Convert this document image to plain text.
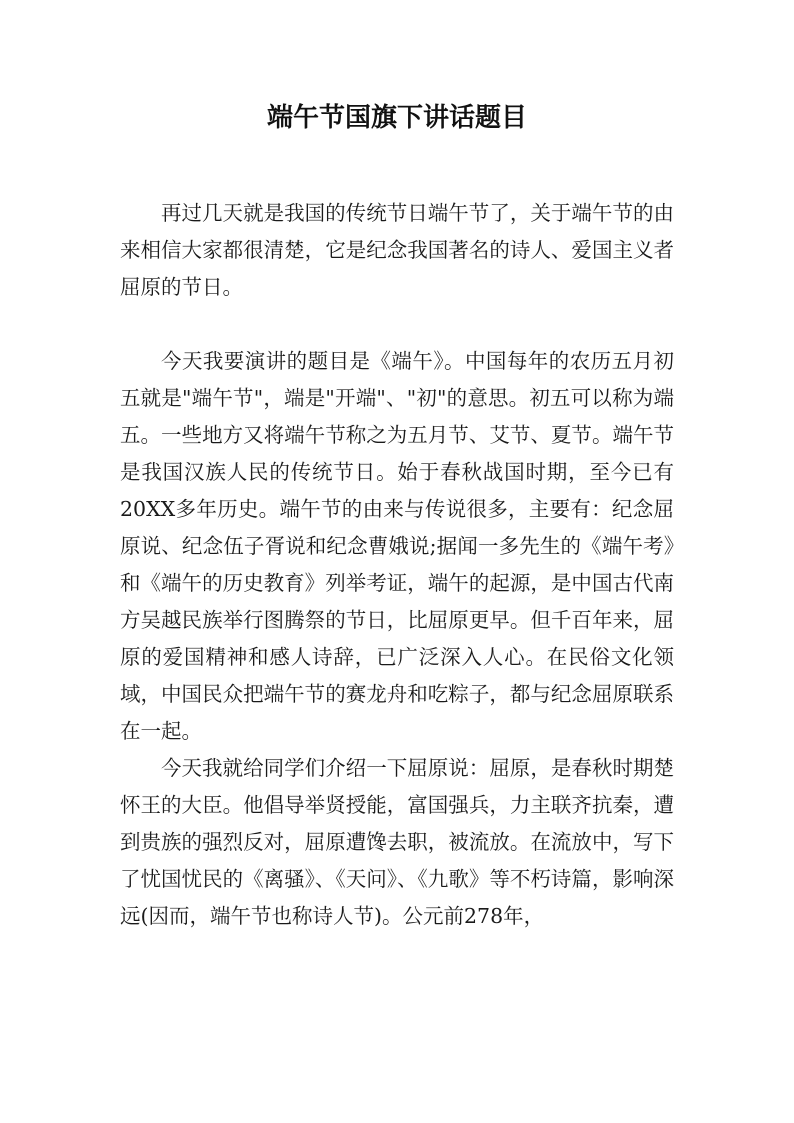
端午节国旗下讲话题目

再过几天就是我国的传统节日端午节了，关于端午节的由来相信大家都很清楚，它是纪念我国著名的诗人、爱国主义者屈原的节日。

今天我要演讲的题目是《端午》。中国每年的农历五月初五就是"端午节"，端是"开端"、"初"的意思。初五可以称为端五。一些地方又将端午节称之为五月节、艾节、夏节。端午节是我国汉族人民的传统节日。始于春秋战国时期，至今已有20XX多年历史。端午节的由来与传说很多，主要有：纪念屈原说、纪念伍子胥说和纪念曹娥说;据闻一多先生的《端午考》和《端午的历史教育》列举考证，端午的起源，是中国古代南方吴越民族举行图腾祭的节日，比屈原更早。但千百年来，屈原的爱国精神和感人诗辞，已广泛深入人心。在民俗文化领域，中国民众把端午节的赛龙舟和吃粽子，都与纪念屈原联系在一起。

今天我就给同学们介绍一下屈原说：屈原，是春秋时期楚怀王的大臣。他倡导举贤授能，富国强兵，力主联齐抗秦，遭到贵族的强烈反对，屈原遭馋去职，被流放。在流放中，写下了忧国忧民的《离骚》、《天问》、《九歌》等不朽诗篇，影响深远(因而，端午节也称诗人节)。公元前278年，
